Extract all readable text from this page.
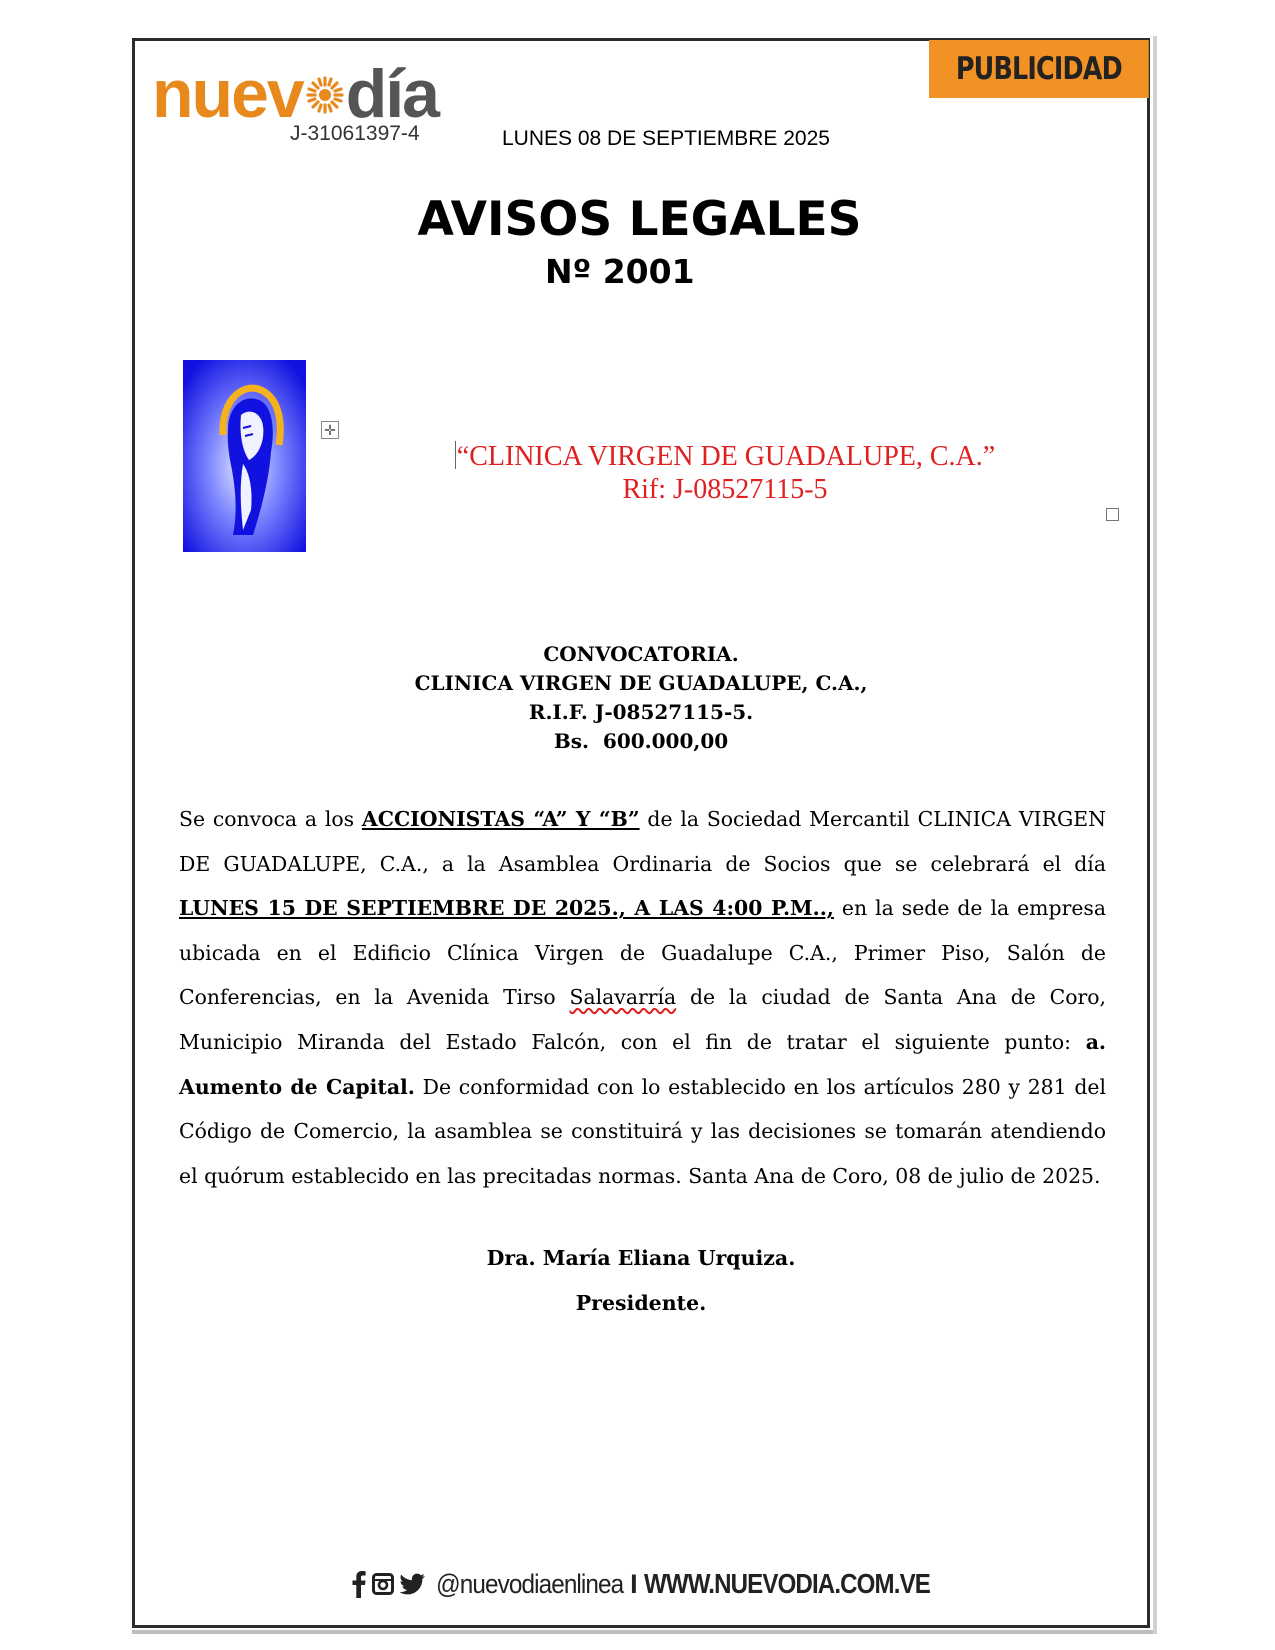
nuev día
J-31061397-4
PUBLICIDAD
LUNES 08 DE SEPTIEMBRE 2025
AVISOS LEGALES
Nº 2001
✛
“CLINICA VIRGEN DE GUADALUPE, C.A.”
Rif: J-08527115-5
CONVOCATORIA.
CLINICA VIRGEN DE GUADALUPE, C.A.,
R.I.F. J-08527115-5.
Bs.  600.000,00
Se convoca a los ACCIONISTAS “A” Y “B” de la Sociedad Mercantil CLINICA VIRGEN DE GUADALUPE, C.A., a la Asamblea Ordinaria de Socios que se celebrará el día LUNES 15 DE SEPTIEMBRE DE 2025., A LAS 4:00 P.M.., en la sede de la empresa ubicada en el Edificio Clínica Virgen de Guadalupe C.A., Primer Piso, Salón de Conferencias, en la Avenida Tirso Salavarría de la ciudad de Santa Ana de Coro, Municipio Miranda del Estado Falcón, con el fin de tratar el siguiente punto: a. Aumento de Capital. De conformidad con lo establecido en los artículos 280 y 281 del Código de Comercio, la asamblea se constituirá y las decisiones se tomarán atendiendo el quórum establecido en las precitadas normas. Santa Ana de Coro, 08 de julio de 2025.
Dra. María Eliana Urquiza.
Presidente.
@nuevodiaenlinea I WWW.NUEVODIA.COM.VE
